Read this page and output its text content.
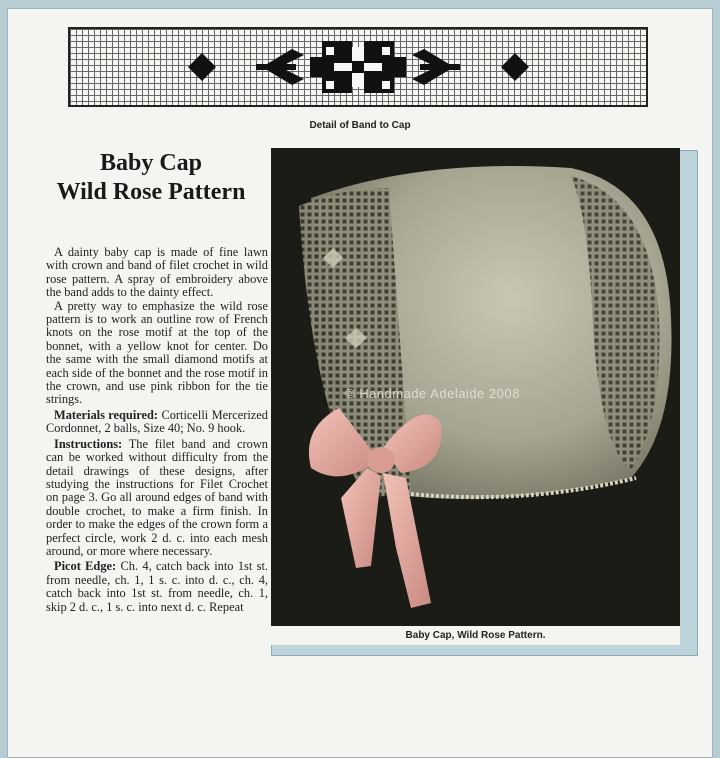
Detail of Band to Cap
Baby Cap
Wild Rose Pattern

A dainty baby cap is made of fine lawn with crown and band of filet crochet in wild rose pattern. A spray of embroidery above the band adds to the dainty effect.

A pretty way to emphasize the wild rose pattern is to work an outline row of French knots on the rose motif at the top of the bonnet, with a yellow knot for center. Do the same with the small diamond motifs at each side of the bonnet and the rose motif in the crown, and use pink ribbon for the tie strings.

Materials required: Corticelli Mercerized Cordonnet, 2 balls, Size 40; No. 9 hook.

Instructions: The filet band and crown can be worked without difficulty from the detail drawings of these designs, after studying the instructions for Filet Crochet on page 3. Go all around edges of band with double crochet, to make a firm finish. In order to make the edges of the crown form a perfect circle, work 2 d. c. into each mesh around, or more where necessary.

Picot Edge: Ch. 4, catch back into 1st st. from needle, ch. 1, 1 s. c. into d. c., ch. 4, catch back into 1st st. from needle, ch. 1, skip 2 d. c., 1 s. c. into next d. c. Repeat

© Handmade Adelaide 2008
Baby Cap, Wild Rose Pattern.
